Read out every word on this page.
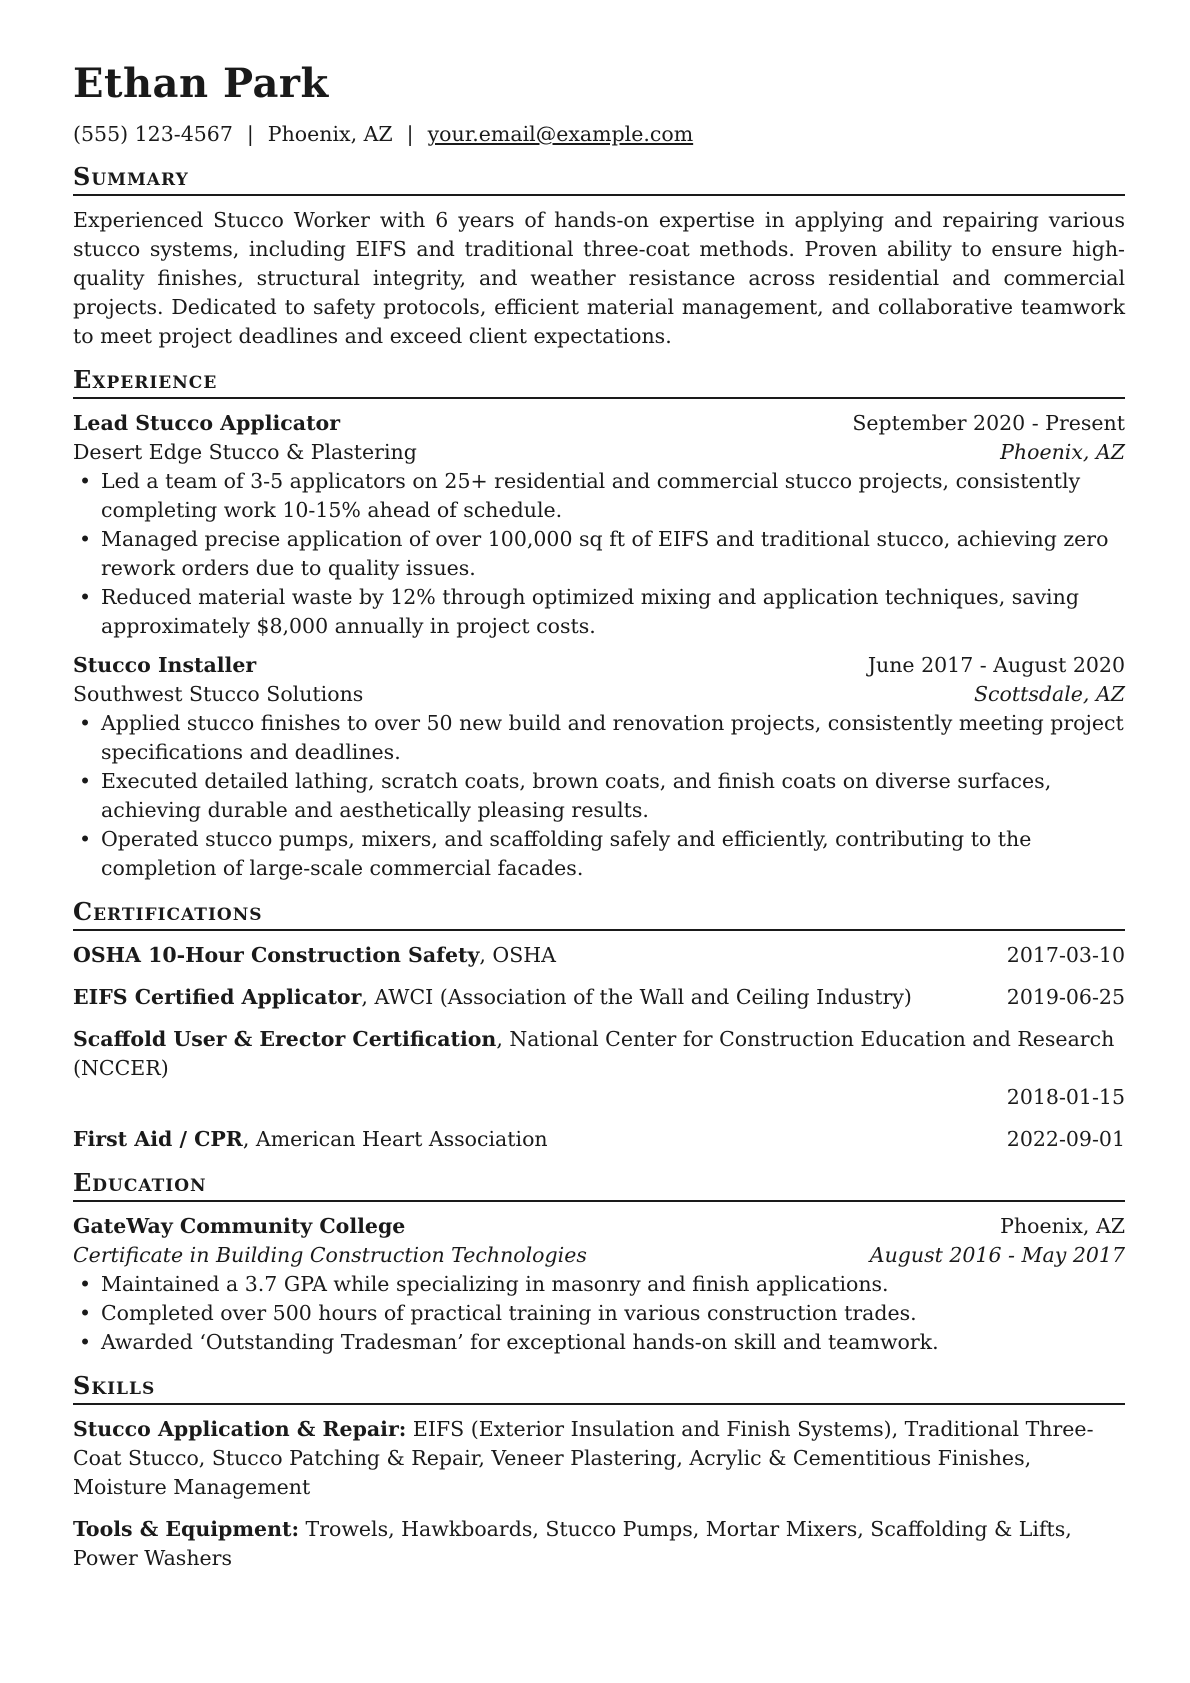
Ethan Park
(555) 123-4567 | Phoenix, AZ | your.email@example.com
Summary
Experienced Stucco Worker with 6 years of hands-on expertise in applying and repairing various stucco systems, including EIFS and traditional three-coat methods. Proven ability to ensure high-quality finishes, structural integrity, and weather resistance across residential and commercial projects. Dedicated to safety protocols, efficient material management, and collaborative teamwork to meet project deadlines and exceed client expectations.
Experience
Lead Stucco Applicator	September 2020 - Present
Desert Edge Stucco & Plastering	Phoenix, AZ
• Led a team of 3-5 applicators on 25+ residential and commercial stucco projects, consistently completing work 10-15% ahead of schedule.
• Managed precise application of over 100,000 sq ft of EIFS and traditional stucco, achieving zero rework orders due to quality issues.
• Reduced material waste by 12% through optimized mixing and application techniques, saving approximately $8,000 annually in project costs.
Stucco Installer	June 2017 - August 2020
Southwest Stucco Solutions	Scottsdale, AZ
• Applied stucco finishes to over 50 new build and renovation projects, consistently meeting project specifications and deadlines.
• Executed detailed lathing, scratch coats, brown coats, and finish coats on diverse surfaces, achieving durable and aesthetically pleasing results.
• Operated stucco pumps, mixers, and scaffolding safely and efficiently, contributing to the completion of large-scale commercial facades.
Certifications
OSHA 10-Hour Construction Safety, OSHA	2017-03-10
EIFS Certified Applicator, AWCI (Association of the Wall and Ceiling Industry)	2019-06-25
Scaffold User & Erector Certification, National Center for Construction Education and Research (NCCER)
2018-01-15
First Aid / CPR, American Heart Association	2022-09-01
Education
GateWay Community College	Phoenix, AZ
Certificate in Building Construction Technologies	August 2016 - May 2017
• Maintained a 3.7 GPA while specializing in masonry and finish applications.
• Completed over 500 hours of practical training in various construction trades.
• Awarded ‘Outstanding Tradesman’ for exceptional hands-on skill and teamwork.
Skills
Stucco Application & Repair: EIFS (Exterior Insulation and Finish Systems), Traditional Three-Coat Stucco, Stucco Patching & Repair, Veneer Plastering, Acrylic & Cementitious Finishes, Moisture Management
Tools & Equipment: Trowels, Hawkboards, Stucco Pumps, Mortar Mixers, Scaffolding & Lifts, Power Washers
